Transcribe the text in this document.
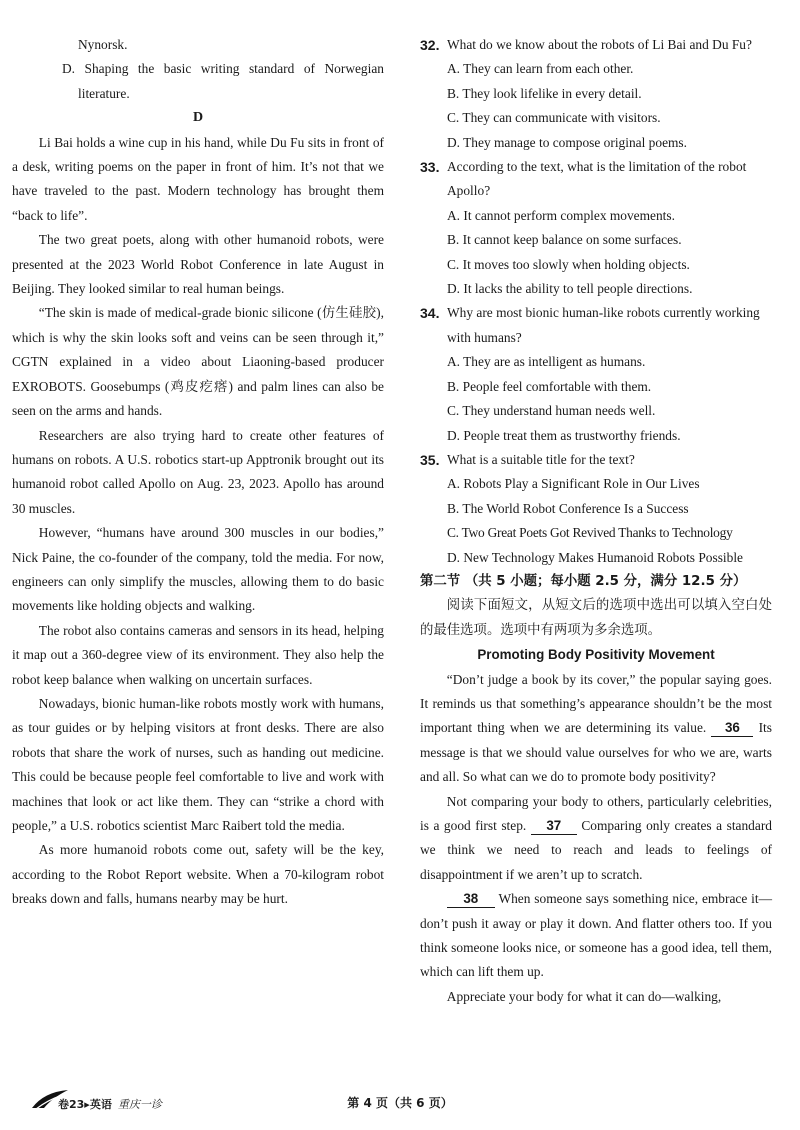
Nynorsk.

D. Shaping the basic writing standard of Norwegian literature.

D

Li Bai holds a wine cup in his hand, while Du Fu sits in front of a desk, writing poems on the paper in front of him. It’s not that we have traveled to the past. Modern technology has brought them “back to life”.

The two great poets, along with other humanoid robots, were presented at the 2023 World Robot Conference in late August in Beijing. They looked similar to real human beings.

“The skin is made of medical-grade bionic silicone (仿生硅胶), which is why the skin looks soft and veins can be seen through it,” CGTN explained in a video about Liaoning-based producer EXROBOTS. Goosebumps (鸡皮疙瘩) and palm lines can also be seen on the arms and hands.

Researchers are also trying hard to create other features of humans on robots. A U.S. robotics start-up Apptronik brought out its humanoid robot called Apollo on Aug. 23, 2023. Apollo has around 30 muscles.

However, “humans have around 300 muscles in our bodies,” Nick Paine, the co-founder of the company, told the media. For now, engineers can only simplify the muscles, allowing them to do basic movements like holding objects and walking.

The robot also contains cameras and sensors in its head, helping it map out a 360-degree view of its environment. They also help the robot keep balance when walking on uncertain surfaces.

Nowadays, bionic human-like robots mostly work with humans, as tour guides or by helping visitors at front desks. There are also robots that share the work of nurses, such as handing out medicine. This could be because people feel comfortable to live and work with machines that look or act like them. They can “strike a chord with people,” a U.S. robotics scientist Marc Raibert told the media.

As more humanoid robots come out, safety will be the key, according to the Robot Report website. When a 70-kilogram robot breaks down and falls, humans nearby may be hurt.

32. What do we know about the robots of Li Bai and Du Fu?

A. They can learn from each other.

B. They look lifelike in every detail.

C. They can communicate with visitors.

D. They manage to compose original poems.

33. According to the text, what is the limitation of the robot Apollo?

A. It cannot perform complex movements.

B. It cannot keep balance on some surfaces.

C. It moves too slowly when holding objects.

D. It lacks the ability to tell people directions.

34. Why are most bionic human-like robots currently working with humans?

A. They are as intelligent as humans.

B. People feel comfortable with them.

C. They understand human needs well.

D. People treat them as trustworthy friends.

35. What is a suitable title for the text?

A. Robots Play a Significant Role in Our Lives

B. The World Robot Conference Is a Success

C. Two Great Poets Got Revived Thanks to Technology

D. New Technology Makes Humanoid Robots Possible

第二节 （共 5 小题；每小题 2.5 分，满分 12.5 分）

阅读下面短文，从短文后的选项中选出可以填入空白处的最佳选项。选项中有两项为多余选项。

Promoting Body Positivity Movement

“Don’t judge a book by its cover,” the popular saying goes. It reminds us that something’s appearance shouldn’t be the most important thing when we are determining its value. 36 Its message is that we should value ourselves for who we are, warts and all. So what can we do to promote body positivity?

Not comparing your body to others, particularly celebrities, is a good first step. 37 Comparing only creates a standard we think we need to reach and leads to feelings of disappointment if we aren’t up to scratch.

38 When someone says something nice, embrace it—don’t push it away or play it down. And flatter others too. If you think someone looks nice, or someone has a good idea, tell them, which can lift them up.

Appreciate your body for what it can do—walking,

卷23▸英语 重庆一诊	第 4 页（共 6 页）
